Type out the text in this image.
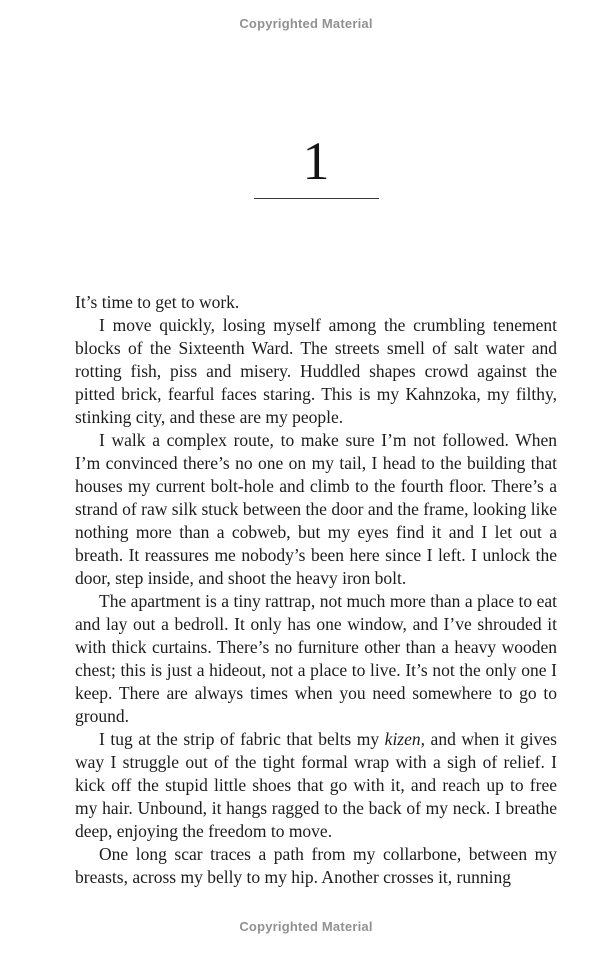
Copyrighted Material
1

It’s time to get to work.

I move quickly, losing myself among the crumbling tenement blocks of the Sixteenth Ward. The streets smell of salt water and rotting fish, piss and misery. Huddled shapes crowd against the pitted brick, fearful faces staring. This is my Kahnzoka, my filthy, stinking city, and these are my people.

I walk a complex route, to make sure I’m not followed. When I’m convinced there’s no one on my tail, I head to the building that houses my current bolt-hole and climb to the fourth floor. There’s a strand of raw silk stuck between the door and the frame, looking like nothing more than a cobweb, but my eyes find it and I let out a breath. It reassures me nobody’s been here since I left. I unlock the door, step inside, and shoot the heavy iron bolt.

The apartment is a tiny rattrap, not much more than a place to eat and lay out a bedroll. It only has one window, and I’ve shrouded it with thick curtains. There’s no furniture other than a heavy wooden chest; this is just a hideout, not a place to live. It’s not the only one I keep. There are always times when you need somewhere to go to ground.

I tug at the strip of fabric that belts my kizen, and when it gives way I struggle out of the tight formal wrap with a sigh of relief. I kick off the stupid little shoes that go with it, and reach up to free my hair. Unbound, it hangs ragged to the back of my neck. I breathe deep, enjoying the freedom to move.

One long scar traces a path from my collarbone, between my breasts, across my belly to my hip. Another crosses it, running

Copyrighted Material
